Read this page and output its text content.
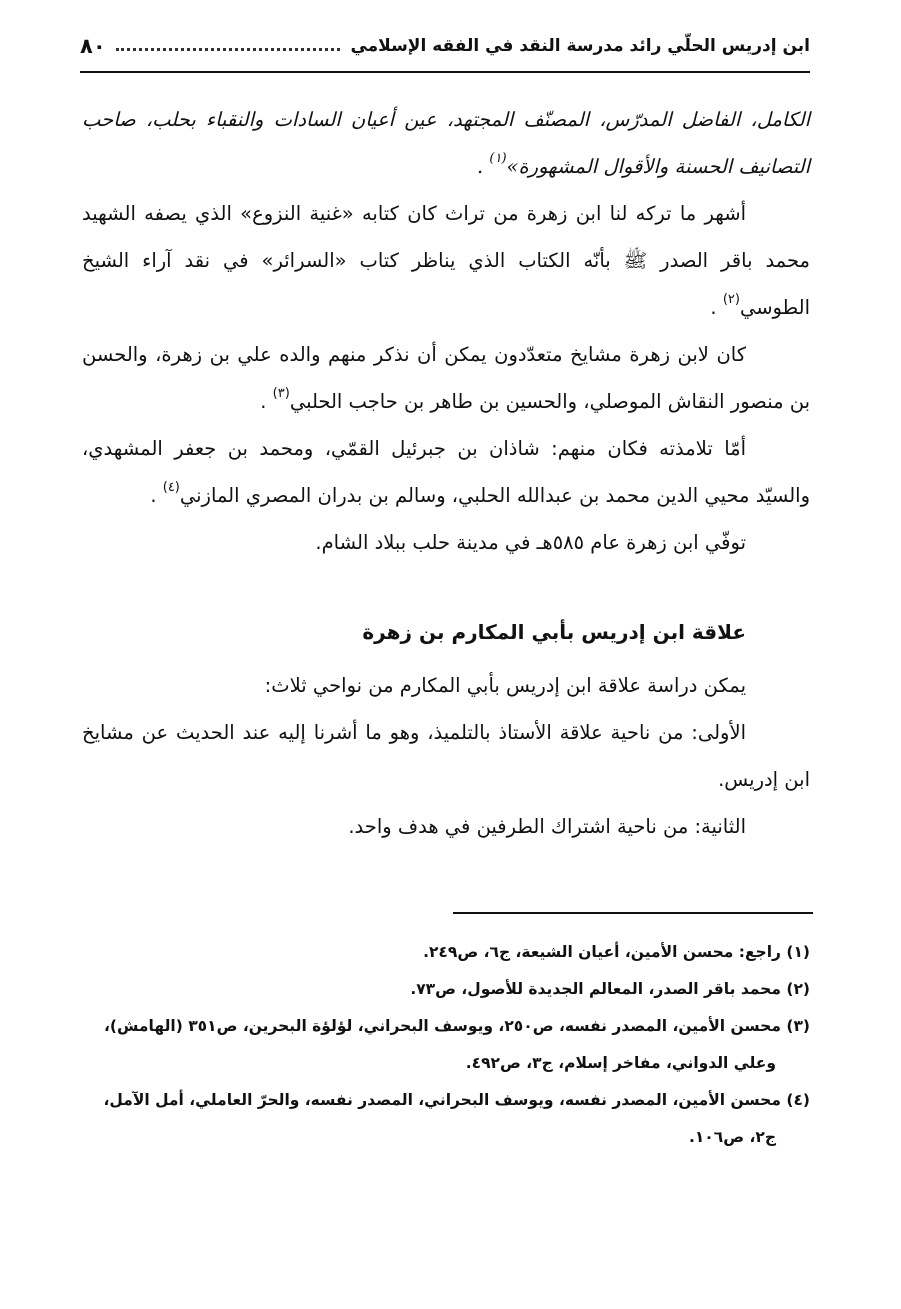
ابن إدريس الحلّي رائد مدرسة النقد في الفقه الإسلامي
٨٠

الكامل، الفاضل المدرّس، المصنّف المجتهد، عين أعيان السادات والنقباء بحلب، صاحب التصانيف الحسنة والأقوال المشهورة»$^{(١)}$ .

أشهر ما تركه لنا ابن زهرة من تراث كان كتابه «غنية النزوع» الذي يصفه الشهيد محمد باقر الصدر ﷺ بأنّه الكتاب الذي يناظر كتاب «السرائر» في نقد آراء الشيخ الطوسي$^{(٢)}$ .

كان لابن زهرة مشايخ متعدّدون يمكن أن نذكر منهم والده علي بن زهرة، والحسن بن منصور النقاش الموصلي، والحسين بن طاهر بن حاجب الحلبي$^{(٣)}$ .

أمّا تلامذته فكان منهم: شاذان بن جبرئيل القمّي، ومحمد بن جعفر المشهدي، والسيّد محيي الدين محمد بن عبدالله الحلبي، وسالم بن بدران المصري المازني$^{(٤)}$ .

توفّي ابن زهرة عام ٥٨٥هـ في مدينة حلب ببلاد الشام.

علاقة ابن إدريس بأبي المكارم بن زهرة

يمكن دراسة علاقة ابن إدريس بأبي المكارم من نواحي ثلاث:

الأولى: من ناحية علاقة الأستاذ بالتلميذ، وهو ما أشرنا إليه عند الحديث عن مشايخ ابن إدريس.

الثانية: من ناحية اشتراك الطرفين في هدف واحد.

(١) راجع: محسن الأمين، أعيان الشيعة، ج٦، ص٢٤٩.
(٢) محمد باقر الصدر، المعالم الجديدة للأصول، ص٧٣.
(٣) محسن الأمين، المصدر نفسه، ص٢٥٠، ويوسف البحراني، لؤلؤة البحرين، ص٣٥١ (الهامش)،
وعلي الدواني، مفاخر إسلام، ج٣، ص٤٩٢.
(٤) محسن الأمين، المصدر نفسه، ويوسف البحراني، المصدر نفسه، والحرّ العاملي، أمل الآمل،
ج٢، ص١٠٦.
